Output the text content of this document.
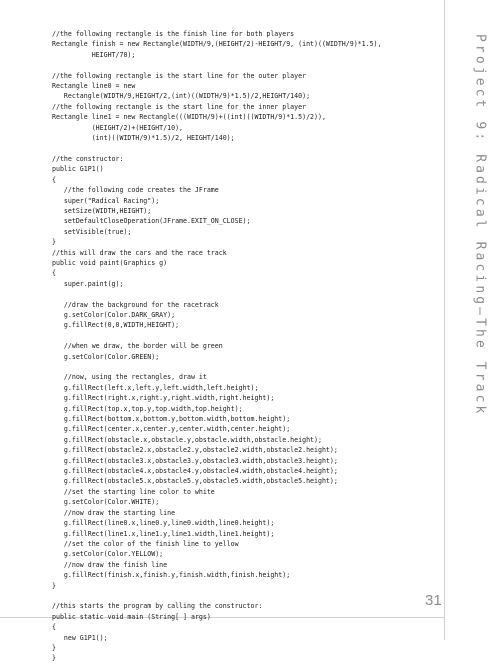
//the following rectangle is the finish line for both players
Rectangle finish = new Rectangle(WIDTH/9,(HEIGHT/2)-HEIGHT/9, (int)((WIDTH/9)*1.5),
HEIGHT/70);

//the following rectangle is the start line for the outer player
Rectangle line0 = new
Rectangle(WIDTH/9,HEIGHT/2,(int)((WIDTH/9)*1.5)/2,HEIGHT/140);
//the following rectangle is the start line for the inner player
Rectangle line1 = new Rectangle(((WIDTH/9)+((int)((WIDTH/9)*1.5)/2)),
(HEIGHT/2)+(HEIGHT/10),
(int)((WIDTH/9)*1.5)/2, HEIGHT/140);

//the constructor:
public G1P1()
{
//the following code creates the JFrame
super("Radical Racing");
setSize(WIDTH,HEIGHT);
setDefaultCloseOperation(JFrame.EXIT_ON_CLOSE);
setVisible(true);
}
//this will draw the cars and the race track
public void paint(Graphics g)
{
super.paint(g);

//draw the background for the racetrack
g.setColor(Color.DARK_GRAY);
g.fillRect(0,0,WIDTH,HEIGHT);

//when we draw, the border will be green
g.setColor(Color.GREEN);

//now, using the rectangles, draw it
g.fillRect(left.x,left.y,left.width,left.height);
g.fillRect(right.x,right.y,right.width,right.height);
g.fillRect(top.x,top.y,top.width,top.height);
g.fillRect(bottom.x,bottom.y,bottom.width,bottom.height);
g.fillRect(center.x,center.y,center.width,center.height);
g.fillRect(obstacle.x,obstacle.y,obstacle.width,obstacle.height);
g.fillRect(obstacle2.x,obstacle2.y,obstacle2.width,obstacle2.height);
g.fillRect(obstacle3.x,obstacle3.y,obstacle3.width,obstacle3.height);
g.fillRect(obstacle4.x,obstacle4.y,obstacle4.width,obstacle4.height);
g.fillRect(obstacle5.x,obstacle5.y,obstacle5.width,obstacle5.height);
//set the starting line color to white
g.setColor(Color.WHITE);
//now draw the starting line
g.fillRect(line0.x,line0.y,line0.width,line0.height);
g.fillRect(line1.x,line1.y,line1.width,line1.height);
//set the color of the finish line to yellow
g.setColor(Color.YELLOW);
//now draw the finish line
g.fillRect(finish.x,finish.y,finish.width,finish.height);
}

//this starts the program by calling the constructor:
public static void main (String[ ] args)
{
new G1P1();
}
}
Project 9: Radical Racing—The Track
31
